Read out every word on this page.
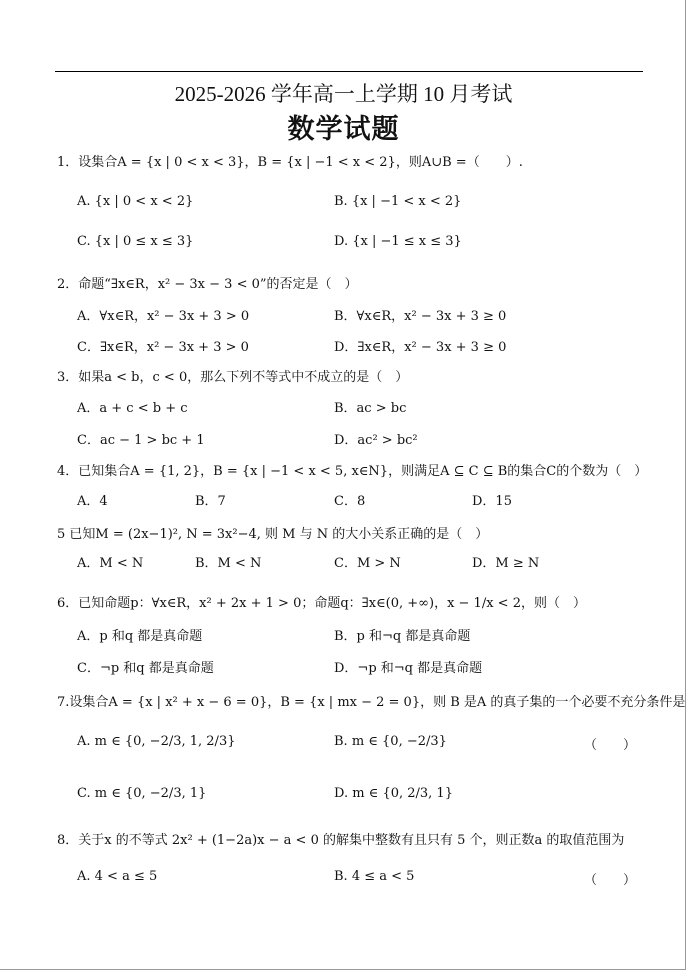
2025-2026 学年高一上学期 10 月考试
数学试题
1．设集合A = {x | 0 < x < 3}，B = {x | −1 < x < 2}，则A∪B =（　　）.
A. {x | 0 < x < 2}	B. {x | −1 < x < 2}
C. {x | 0 ≤ x ≤ 3}	D. {x | −1 ≤ x ≤ 3}
2．命题“∃x∈R，x² − 3x − 3 < 0”的否定是（　）
A．∀x∈R，x² − 3x + 3 > 0	B．∀x∈R，x² − 3x + 3 ≥ 0
C．∃x∈R，x² − 3x + 3 > 0	D．∃x∈R，x² − 3x + 3 ≥ 0
3．如果a < b，c < 0，那么下列不等式中不成立的是（　）
A．a + c < b + c	B．ac > bc
C．ac − 1 > bc + 1	D．ac² > bc²
4．已知集合A = {1, 2}，B = {x | −1 < x < 5, x∈N}，则满足A ⊆ C ⊆ B的集合C的个数为（　）
A．4	B．7	C．8	D．15
5 已知M = (2x−1)², N = 3x²−4, 则 M 与 N 的大小关系正确的是（　）
A．M < N	B．M < N	C．M > N	D．M ≥ N
6．已知命题p：∀x∈R，x² + 2x + 1 > 0；命题q：∃x∈(0, +∞)，x − 1/x < 2，则（　）
A．p 和q 都是真命题	B．p 和¬q 都是真命题
C．¬p 和q 都是真命题	D．¬p 和¬q 都是真命题
7.设集合A = {x | x² + x − 6 = 0}，B = {x | mx − 2 = 0}，则 B 是A 的真子集的一个必要不充分条件是
A. m ∈ {0, −2/3, 1, 2/3}	B. m ∈ {0, −2/3}	（　　）
C. m ∈ {0, −2/3, 1}	D. m ∈ {0, 2/3, 1}
8．关于x 的不等式 2x² + (1−2a)x − a < 0 的解集中整数有且只有 5 个，则正数a 的取值范围为
A. 4 < a ≤ 5	B. 4 ≤ a < 5	（　　）
